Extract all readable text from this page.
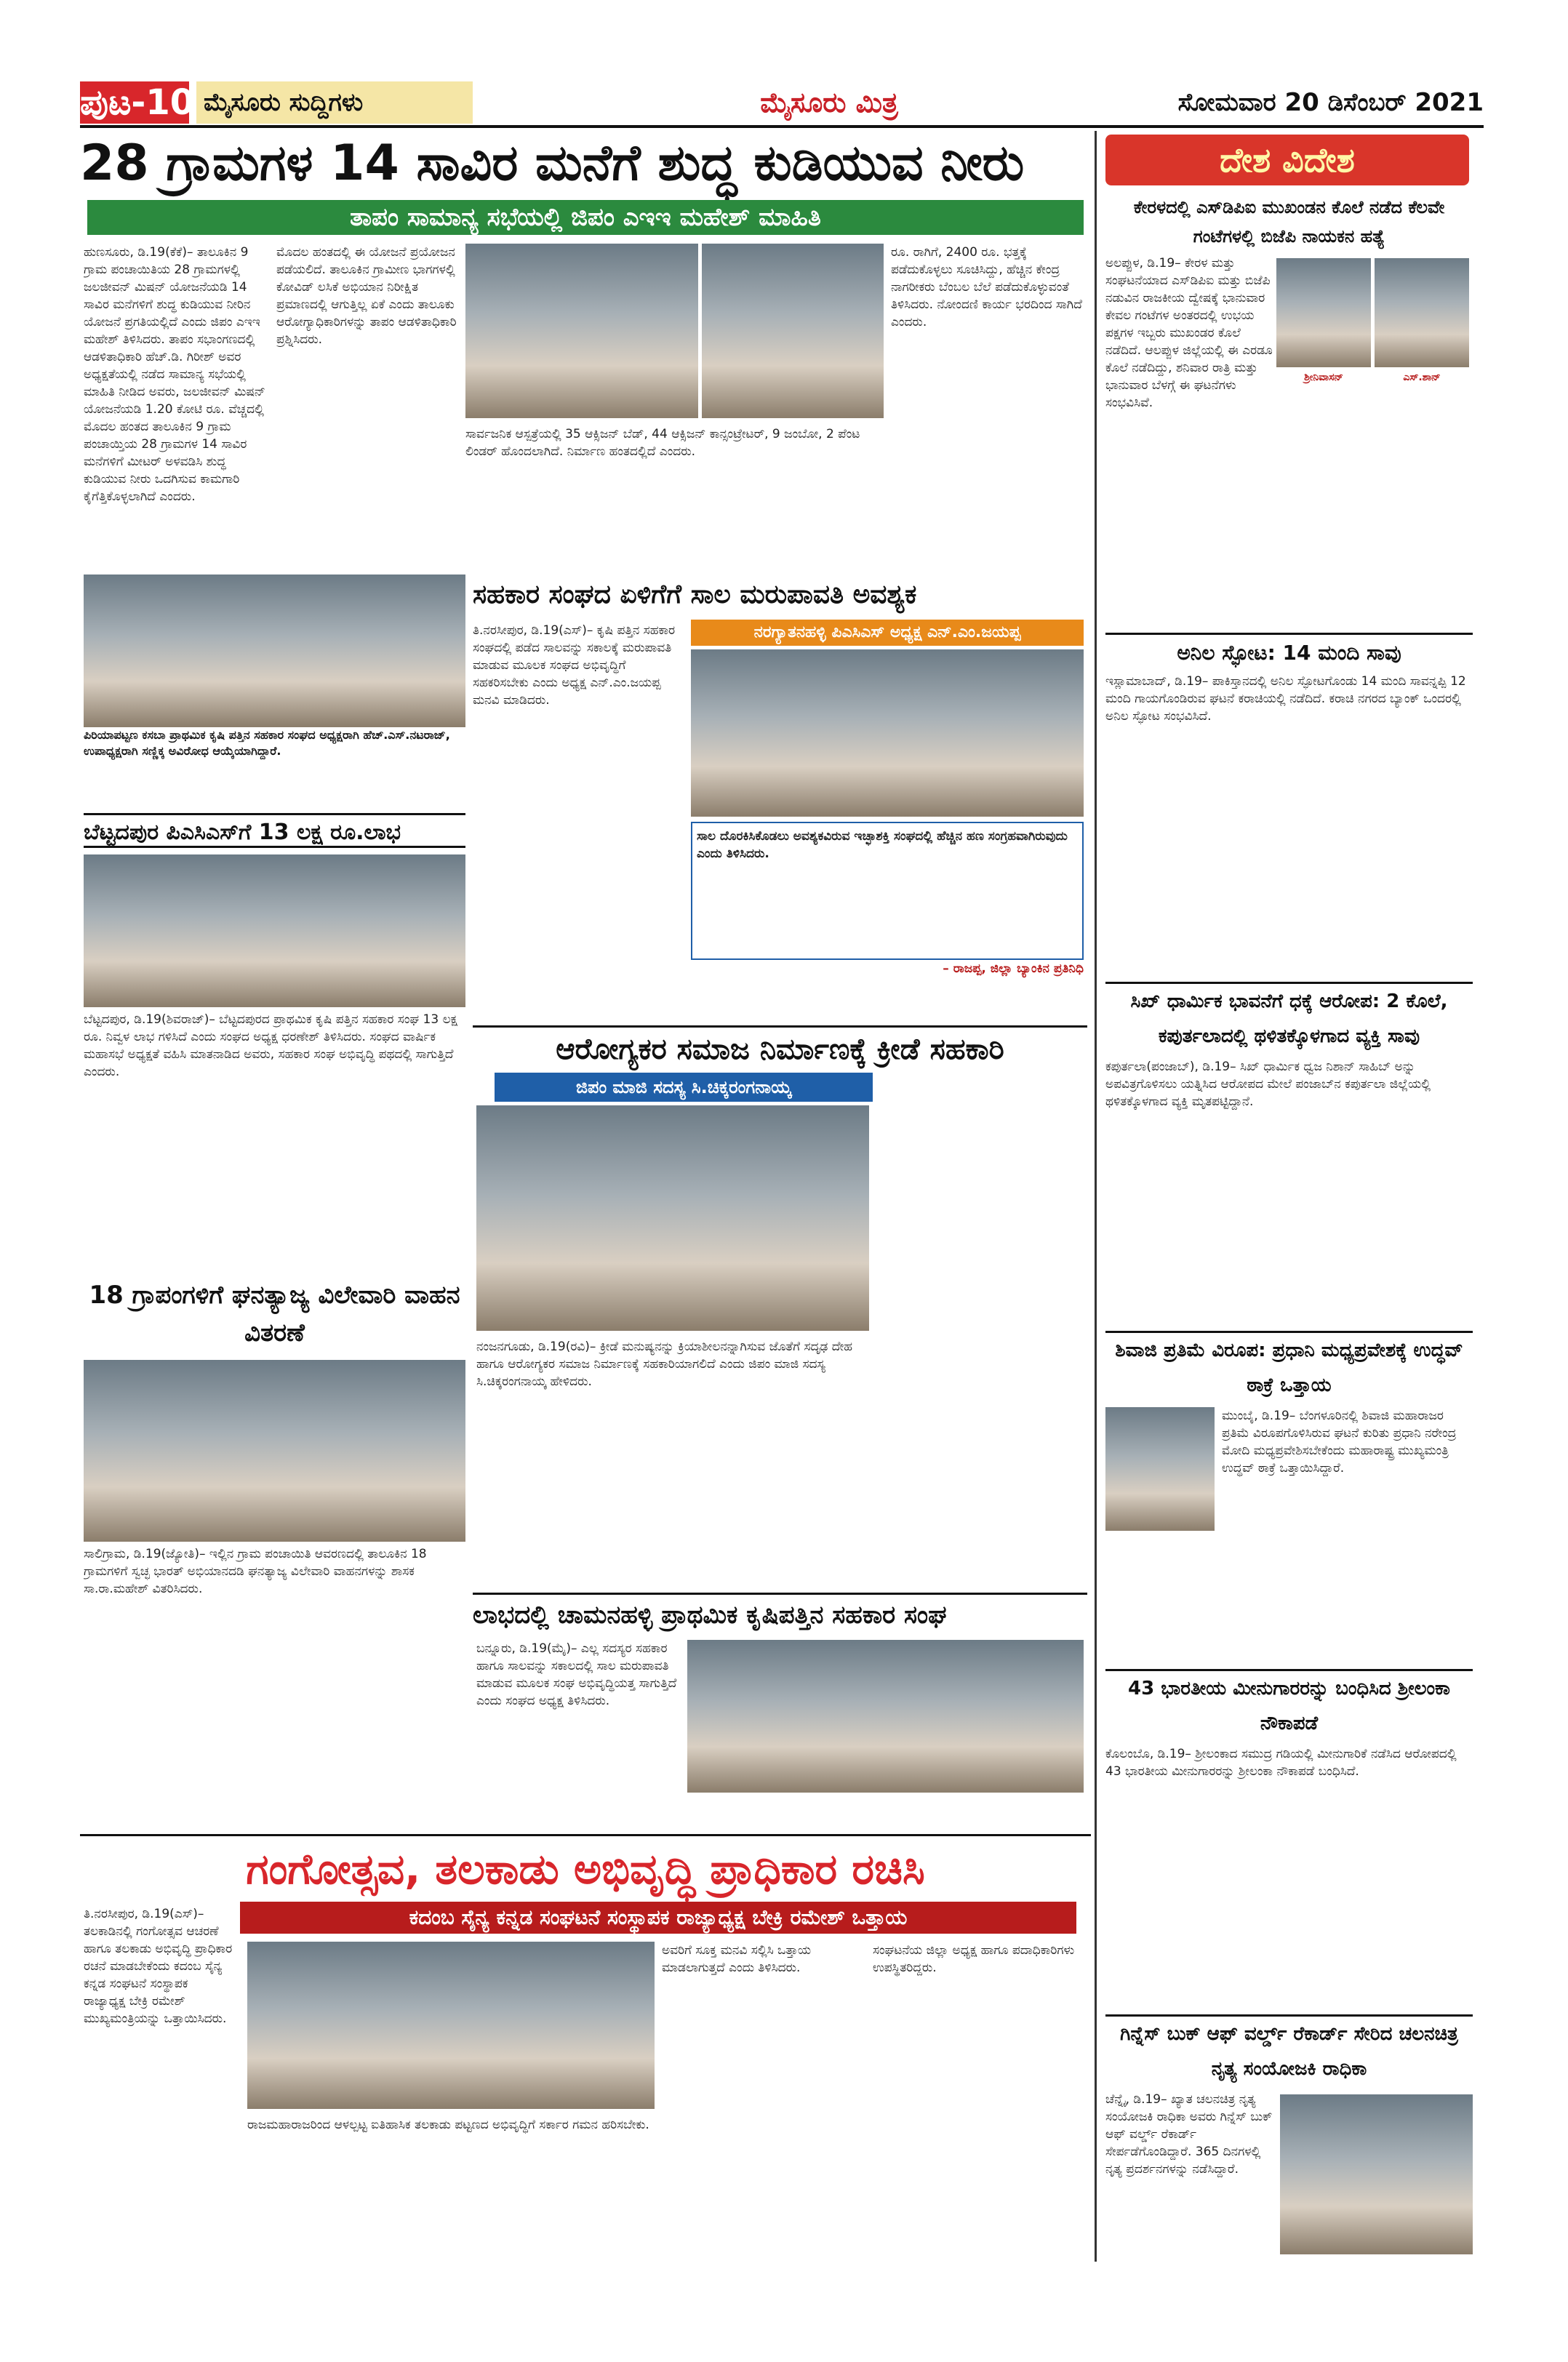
ಪುಟ-10 ಮೈಸೂರು ಸುದ್ದಿಗಳು	ಮೈಸೂರು ಮಿತ್ರ	ಸೋಮವಾರ 20 ಡಿಸೆಂಬರ್ 2021
28 ಗ್ರಾಮಗಳ 14 ಸಾವಿರ ಮನೆಗೆ ಶುದ್ಧ ಕುಡಿಯುವ ನೀರು
ತಾಪಂ ಸಾಮಾನ್ಯ ಸಭೆಯಲ್ಲಿ ಜಿಪಂ ಎಇಇ ಮಹೇಶ್ ಮಾಹಿತಿ
ಹುಣಸೂರು, ಡಿ.19(ಕೆಕೆ)– ತಾಲೂಕಿನ 9 ಗ್ರಾಮ ಪಂಚಾಯಿತಿಯ 28 ಗ್ರಾಮಗಳಲ್ಲಿ ಜಲಜೀವನ್ ಮಿಷನ್ ಯೋಜನೆಯಡಿ 14 ಸಾವಿರ ಮನೆಗಳಿಗೆ ಶುದ್ಧ ಕುಡಿಯುವ ನೀರಿನ ಯೋಜನೆ ಪ್ರಗತಿಯಲ್ಲಿದೆ ಎಂದು ಜಿಪಂ ಎಇಇ ಮಹೇಶ್ ತಿಳಿಸಿದರು. ತಾಪಂ ಸಭಾಂಗಣದಲ್ಲಿ ಆಡಳಿತಾಧಿಕಾರಿ ಹೆಚ್.ಡಿ. ಗಿರೀಶ್ ಅವರ ಅಧ್ಯಕ್ಷತೆಯಲ್ಲಿ ನಡೆದ ಸಾಮಾನ್ಯ ಸಭೆಯಲ್ಲಿ ಮಾಹಿತಿ ನೀಡಿದ ಅವರು, ಜಲಜೀವನ್ ಮಿಷನ್ ಯೋಜನೆಯಡಿ 1.20 ಕೋಟಿ ರೂ. ವೆಚ್ಚದಲ್ಲಿ ಮೊದಲ ಹಂತದ ತಾಲೂಕಿನ 9 ಗ್ರಾಮ ಪಂಚಾಯ್ತಿಯ 28 ಗ್ರಾಮಗಳ 14 ಸಾವಿರ ಮನೆಗಳಿಗೆ ಮೀಟರ್ ಅಳವಡಿಸಿ ಶುದ್ಧ ಕುಡಿಯುವ ನೀರು ಒದಗಿಸುವ ಕಾಮಗಾರಿ ಕೈಗೆತ್ತಿಕೊಳ್ಳಲಾಗಿದೆ ಎಂದರು.
ಮೊದಲ ಹಂತದಲ್ಲಿ ಈ ಯೋಜನೆ ಪ್ರಯೋಜನ ಪಡೆಯಲಿದೆ. ತಾಲೂಕಿನ ಗ್ರಾಮೀಣ ಭಾಗಗಳಲ್ಲಿ ಕೋವಿಡ್ ಲಸಿಕೆ ಅಭಿಯಾನ ನಿರೀಕ್ಷಿತ ಪ್ರಮಾಣದಲ್ಲಿ ಆಗುತ್ತಿಲ್ಲ ಏಕೆ ಎಂದು ತಾಲೂಕು ಆರೋಗ್ಯಾಧಿಕಾರಿಗಳನ್ನು ತಾಪಂ ಆಡಳಿತಾಧಿಕಾರಿ ಪ್ರಶ್ನಿಸಿದರು.
ಸಾರ್ವಜನಿಕ ಆಸ್ಪತ್ರೆಯಲ್ಲಿ 35 ಆಕ್ಸಿಜನ್ ಬೆಡ್, 44 ಆಕ್ಸಿಜನ್ ಕಾನ್ಸಂಟ್ರೇಟರ್, 9 ಜಂಬೋ, 2 ಪೆಂಟ ಲಿಂಡರ್ ಹೊಂದಲಾಗಿದೆ. ನಿರ್ಮಾಣ ಹಂತದಲ್ಲಿದೆ ಎಂದರು.
ರೂ. ರಾಗಿಗೆ, 2400 ರೂ. ಭತ್ತಕ್ಕೆ ಪಡೆದುಕೊಳ್ಳಲು ಸೂಚಿಸಿದ್ದು, ಹೆಚ್ಚಿನ ಕೇಂದ್ರ ನಾಗರೀಕರು ಬೆಂಬಲ ಬೆಲೆ ಪಡೆದುಕೊಳ್ಳುವಂತೆ ತಿಳಿಸಿದರು. ನೋಂದಣಿ ಕಾರ್ಯ ಭರದಿಂದ ಸಾಗಿದೆ ಎಂದರು.
ಪಿರಿಯಾಪಟ್ಟಣ ಕಸಬಾ ಪ್ರಾಥಮಿಕ ಕೃಷಿ ಪತ್ತಿನ ಸಹಕಾರ ಸಂಘದ ಅಧ್ಯಕ್ಷರಾಗಿ ಹೆಚ್.ಎಸ್.ನಟರಾಜ್, ಉಪಾಧ್ಯಕ್ಷರಾಗಿ ಸಣ್ಣಿಕ್ಕ ಅವಿರೋಧ ಆಯ್ಕೆಯಾಗಿದ್ದಾರೆ.
ಬೆಟ್ಟದಪುರ ಪಿಎಸಿಎಸ್‌ಗೆ 13 ಲಕ್ಷ ರೂ.ಲಾಭ
ಬೆಟ್ಟದಪುರ, ಡಿ.19(ಶಿವರಾಜ್)– ಬೆಟ್ಟದಪುರದ ಪ್ರಾಥಮಿಕ ಕೃಷಿ ಪತ್ತಿನ ಸಹಕಾರ ಸಂಘ 13 ಲಕ್ಷ ರೂ. ನಿವ್ವಳ ಲಾಭ ಗಳಿಸಿದೆ ಎಂದು ಸಂಘದ ಅಧ್ಯಕ್ಷ ಧರಣೇಶ್ ತಿಳಿಸಿದರು. ಸಂಘದ ವಾರ್ಷಿಕ ಮಹಾಸಭೆ ಅಧ್ಯಕ್ಷತೆ ವಹಿಸಿ ಮಾತನಾಡಿದ ಅವರು, ಸಹಕಾರ ಸಂಘ ಅಭಿವೃದ್ಧಿ ಪಥದಲ್ಲಿ ಸಾಗುತ್ತಿದೆ ಎಂದರು.
18 ಗ್ರಾಪಂಗಳಿಗೆ ಘನತ್ಯಾಜ್ಯ ವಿಲೇವಾರಿ ವಾಹನ ವಿತರಣೆ
ಸಾಲಿಗ್ರಾಮ, ಡಿ.19(ಜ್ಯೋತಿ)– ಇಲ್ಲಿನ ಗ್ರಾಮ ಪಂಚಾಯಿತಿ ಆವರಣದಲ್ಲಿ ತಾಲೂಕಿನ 18 ಗ್ರಾಮಗಳಿಗೆ ಸ್ವಚ್ಛ ಭಾರತ್ ಅಭಿಯಾನದಡಿ ಘನತ್ಯಾಜ್ಯ ವಿಲೇವಾರಿ ವಾಹನಗಳನ್ನು ಶಾಸಕ ಸಾ.ರಾ.ಮಹೇಶ್ ವಿತರಿಸಿದರು.
ಸಹಕಾರ ಸಂಘದ ಏಳಿಗೆಗೆ ಸಾಲ ಮರುಪಾವತಿ ಅವಶ್ಯಕ
ನರಗ್ಯಾತನಹಳ್ಳಿ ಪಿಎಸಿಎಸ್ ಅಧ್ಯಕ್ಷ ಎನ್.ಎಂ.ಜಯಪ್ಪ
ತಿ.ನರಸೀಪುರ, ಡಿ.19(ಎಸ್)– ಕೃಷಿ ಪತ್ತಿನ ಸಹಕಾರ ಸಂಘದಲ್ಲಿ ಪಡೆದ ಸಾಲವನ್ನು ಸಕಾಲಕ್ಕೆ ಮರುಪಾವತಿ ಮಾಡುವ ಮೂಲಕ ಸಂಘದ ಅಭಿವೃದ್ಧಿಗೆ ಸಹಕರಿಸಬೇಕು ಎಂದು ಅಧ್ಯಕ್ಷ ಎನ್.ಎಂ.ಜಯಪ್ಪ ಮನವಿ ಮಾಡಿದರು.
ಸಾಲ ದೊರಕಿಸಿಕೊಡಲು ಅವಶ್ಯಕವಿರುವ ಇಚ್ಛಾಶಕ್ತಿ ಸಂಘದಲ್ಲಿ ಹೆಚ್ಚಿನ ಹಣ ಸಂಗ್ರಹವಾಗಿರುವುದು ಎಂದು ತಿಳಿಸಿದರು.
– ರಾಜಪ್ಪ, ಜಿಲ್ಲಾ ಬ್ಯಾಂಕಿನ ಪ್ರತಿನಿಧಿ
ಆರೋಗ್ಯಕರ ಸಮಾಜ ನಿರ್ಮಾಣಕ್ಕೆ ಕ್ರೀಡೆ ಸಹಕಾರಿ
ಜಿಪಂ ಮಾಜಿ ಸದಸ್ಯ ಸಿ.ಚಿಕ್ಕರಂಗನಾಯ್ಕ
ನಂಜನಗೂಡು, ಡಿ.19(ರವಿ)– ಕ್ರೀಡೆ ಮನುಷ್ಯನನ್ನು ಕ್ರಿಯಾಶೀಲನನ್ನಾಗಿಸುವ ಜೊತೆಗೆ ಸದೃಢ ದೇಹ ಹಾಗೂ ಆರೋಗ್ಯಕರ ಸಮಾಜ ನಿರ್ಮಾಣಕ್ಕೆ ಸಹಕಾರಿಯಾಗಲಿದೆ ಎಂದು ಜಿಪಂ ಮಾಜಿ ಸದಸ್ಯ ಸಿ.ಚಿಕ್ಕರಂಗನಾಯ್ಕ ಹೇಳಿದರು.
ಲಾಭದಲ್ಲಿ ಚಾಮನಹಳ್ಳಿ ಪ್ರಾಥಮಿಕ ಕೃಷಿಪತ್ತಿನ ಸಹಕಾರ ಸಂಘ
ಬನ್ನೂರು, ಡಿ.19(ಮೈ)– ಎಲ್ಲ ಸದಸ್ಯರ ಸಹಕಾರ ಹಾಗೂ ಸಾಲವನ್ನು ಸಕಾಲದಲ್ಲಿ ಸಾಲ ಮರುಪಾವತಿ ಮಾಡುವ ಮೂಲಕ ಸಂಘ ಅಭಿವೃದ್ಧಿಯತ್ತ ಸಾಗುತ್ತಿದೆ ಎಂದು ಸಂಘದ ಅಧ್ಯಕ್ಷ ತಿಳಿಸಿದರು.
ದೇಶ ವಿದೇಶ
ಕೇರಳದಲ್ಲಿ ಎಸ್‌ಡಿಪಿಐ ಮುಖಂಡನ ಕೊಲೆ ನಡೆದ ಕೆಲವೇ ಗಂಟೆಗಳಲ್ಲಿ ಬಿಜೆಪಿ ನಾಯಕನ ಹತ್ಯೆ
ಅಲಪ್ಪುಳ, ಡಿ.19– ಕೇರಳ ಮತ್ತು ಸಂಘಟನೆಯಾದ ಎಸ್‌ಡಿಪಿಐ ಮತ್ತು ಬಿಜೆಪಿ ನಡುವಿನ ರಾಜಕೀಯ ದ್ವೇಷಕ್ಕೆ ಭಾನುವಾರ ಕೇವಲ ಗಂಟೆಗಳ ಅಂತರದಲ್ಲಿ ಉಭಯ ಪಕ್ಷಗಳ ಇಬ್ಬರು ಮುಖಂಡರ ಕೊಲೆ ನಡೆದಿದೆ. ಆಲಪ್ಪುಳ ಜಿಲ್ಲೆಯಲ್ಲಿ ಈ ಎರಡೂ ಕೊಲೆ ನಡೆದಿದ್ದು, ಶನಿವಾರ ರಾತ್ರಿ ಮತ್ತು ಭಾನುವಾರ ಬೆಳಗ್ಗೆ ಈ ಘಟನೆಗಳು ಸಂಭವಿಸಿವೆ.
ಶ್ರೀನಿವಾಸನ್	ಎಸ್.ಶಾನ್
ಅನಿಲ ಸ್ಫೋಟ: 14 ಮಂದಿ ಸಾವು
ಇಸ್ಲಾಮಾಬಾದ್, ಡಿ.19– ಪಾಕಿಸ್ತಾನದಲ್ಲಿ ಅನಿಲ ಸ್ಫೋಟಗೊಂಡು 14 ಮಂದಿ ಸಾವನ್ನಪ್ಪಿ 12 ಮಂದಿ ಗಾಯಗೊಂಡಿರುವ ಘಟನೆ ಕರಾಚಿಯಲ್ಲಿ ನಡೆದಿದೆ. ಕರಾಚಿ ನಗರದ ಬ್ಯಾಂಕ್ ಒಂದರಲ್ಲಿ ಅನಿಲ ಸ್ಫೋಟ ಸಂಭವಿಸಿದೆ.
ಸಿಖ್ ಧಾರ್ಮಿಕ ಭಾವನೆಗೆ ಧಕ್ಕೆ ಆರೋಪ: 2 ಕೊಲೆ, ಕಪುರ್ತಲಾದಲ್ಲಿ ಥಳಿತಕ್ಕೊಳಗಾದ ವ್ಯಕ್ತಿ ಸಾವು
ಕಪುರ್ತಲಾ(ಪಂಜಾಬ್), ಡಿ.19– ಸಿಖ್ ಧಾರ್ಮಿಕ ಧ್ವಜ ನಿಶಾನ್ ಸಾಹಿಬ್ ಅನ್ನು ಅಪವಿತ್ರಗೊಳಿಸಲು ಯತ್ನಿಸಿದ ಆರೋಪದ ಮೇಲೆ ಪಂಜಾಬ್‌ನ ಕಪುರ್ತಲಾ ಜಿಲ್ಲೆಯಲ್ಲಿ ಥಳಿತಕ್ಕೊಳಗಾದ ವ್ಯಕ್ತಿ ಮೃತಪಟ್ಟಿದ್ದಾನೆ.
ಶಿವಾಜಿ ಪ್ರತಿಮೆ ವಿರೂಪ: ಪ್ರಧಾನಿ ಮಧ್ಯಪ್ರವೇಶಕ್ಕೆ ಉದ್ಧವ್ ಠಾಕ್ರೆ ಒತ್ತಾಯ
ಮುಂಬೈ, ಡಿ.19– ಬೆಂಗಳೂರಿನಲ್ಲಿ ಶಿವಾಜಿ ಮಹಾರಾಜರ ಪ್ರತಿಮೆ ವಿರೂಪಗೊಳಿಸಿರುವ ಘಟನೆ ಕುರಿತು ಪ್ರಧಾನಿ ನರೇಂದ್ರ ಮೋದಿ ಮಧ್ಯಪ್ರವೇಶಿಸಬೇಕೆಂದು ಮಹಾರಾಷ್ಟ್ರ ಮುಖ್ಯಮಂತ್ರಿ ಉದ್ಧವ್ ಠಾಕ್ರೆ ಒತ್ತಾಯಿಸಿದ್ದಾರೆ.
43 ಭಾರತೀಯ ಮೀನುಗಾರರನ್ನು ಬಂಧಿಸಿದ ಶ್ರೀಲಂಕಾ ನೌಕಾಪಡೆ
ಕೊಲಂಬೊ, ಡಿ.19– ಶ್ರೀಲಂಕಾದ ಸಮುದ್ರ ಗಡಿಯಲ್ಲಿ ಮೀನುಗಾರಿಕೆ ನಡೆಸಿದ ಆರೋಪದಲ್ಲಿ 43 ಭಾರತೀಯ ಮೀನುಗಾರರನ್ನು ಶ್ರೀಲಂಕಾ ನೌಕಾಪಡೆ ಬಂಧಿಸಿದೆ.
ಗಿನ್ನೆಸ್ ಬುಕ್ ಆಫ್ ವರ್ಲ್ಡ್ ರೆಕಾರ್ಡ್ ಸೇರಿದ ಚಲನಚಿತ್ರ ನೃತ್ಯ ಸಂಯೋಜಕಿ ರಾಧಿಕಾ
ಚೆನ್ನೈ, ಡಿ.19– ಖ್ಯಾತ ಚಲನಚಿತ್ರ ನೃತ್ಯ ಸಂಯೋಜಕಿ ರಾಧಿಕಾ ಅವರು ಗಿನ್ನೆಸ್ ಬುಕ್ ಆಫ್ ವರ್ಲ್ಡ್ ರೆಕಾರ್ಡ್ ಸೇರ್ಪಡೆಗೊಂಡಿದ್ದಾರೆ. 365 ದಿನಗಳಲ್ಲಿ ನೃತ್ಯ ಪ್ರದರ್ಶನಗಳನ್ನು ನಡೆಸಿದ್ದಾರೆ.
ಗಂಗೋತ್ಸವ, ತಲಕಾಡು ಅಭಿವೃದ್ಧಿ ಪ್ರಾಧಿಕಾರ ರಚಿಸಿ
ಕದಂಬ ಸೈನ್ಯ ಕನ್ನಡ ಸಂಘಟನೆ ಸಂಸ್ಥಾಪಕ ರಾಜ್ಯಾಧ್ಯಕ್ಷ ಬೇಕ್ರಿ ರಮೇಶ್ ಒತ್ತಾಯ
ತಿ.ನರಸೀಪುರ, ಡಿ.19(ಎಸ್)– ತಲಕಾಡಿನಲ್ಲಿ ಗಂಗೋತ್ಸವ ಆಚರಣೆ ಹಾಗೂ ತಲಕಾಡು ಅಭಿವೃದ್ಧಿ ಪ್ರಾಧಿಕಾರ ರಚನೆ ಮಾಡಬೇಕೆಂದು ಕದಂಬ ಸೈನ್ಯ ಕನ್ನಡ ಸಂಘಟನೆ ಸಂಸ್ಥಾಪಕ ರಾಜ್ಯಾಧ್ಯಕ್ಷ ಬೇಕ್ರಿ ರಮೇಶ್ ಮುಖ್ಯಮಂತ್ರಿಯನ್ನು ಒತ್ತಾಯಿಸಿದರು.
ರಾಜಮಹಾರಾಜರಿಂದ ಆಳಲ್ಪಟ್ಟ ಐತಿಹಾಸಿಕ ತಲಕಾಡು ಪಟ್ಟಣದ ಅಭಿವೃದ್ಧಿಗೆ ಸರ್ಕಾರ ಗಮನ ಹರಿಸಬೇಕು.
ಅವರಿಗೆ ಸೂಕ್ತ ಮನವಿ ಸಲ್ಲಿಸಿ ಒತ್ತಾಯ ಮಾಡಲಾಗುತ್ತದೆ ಎಂದು ತಿಳಿಸಿದರು.
ಸಂಘಟನೆಯ ಜಿಲ್ಲಾ ಅಧ್ಯಕ್ಷ ಹಾಗೂ ಪದಾಧಿಕಾರಿಗಳು ಉಪಸ್ಥಿತರಿದ್ದರು.
